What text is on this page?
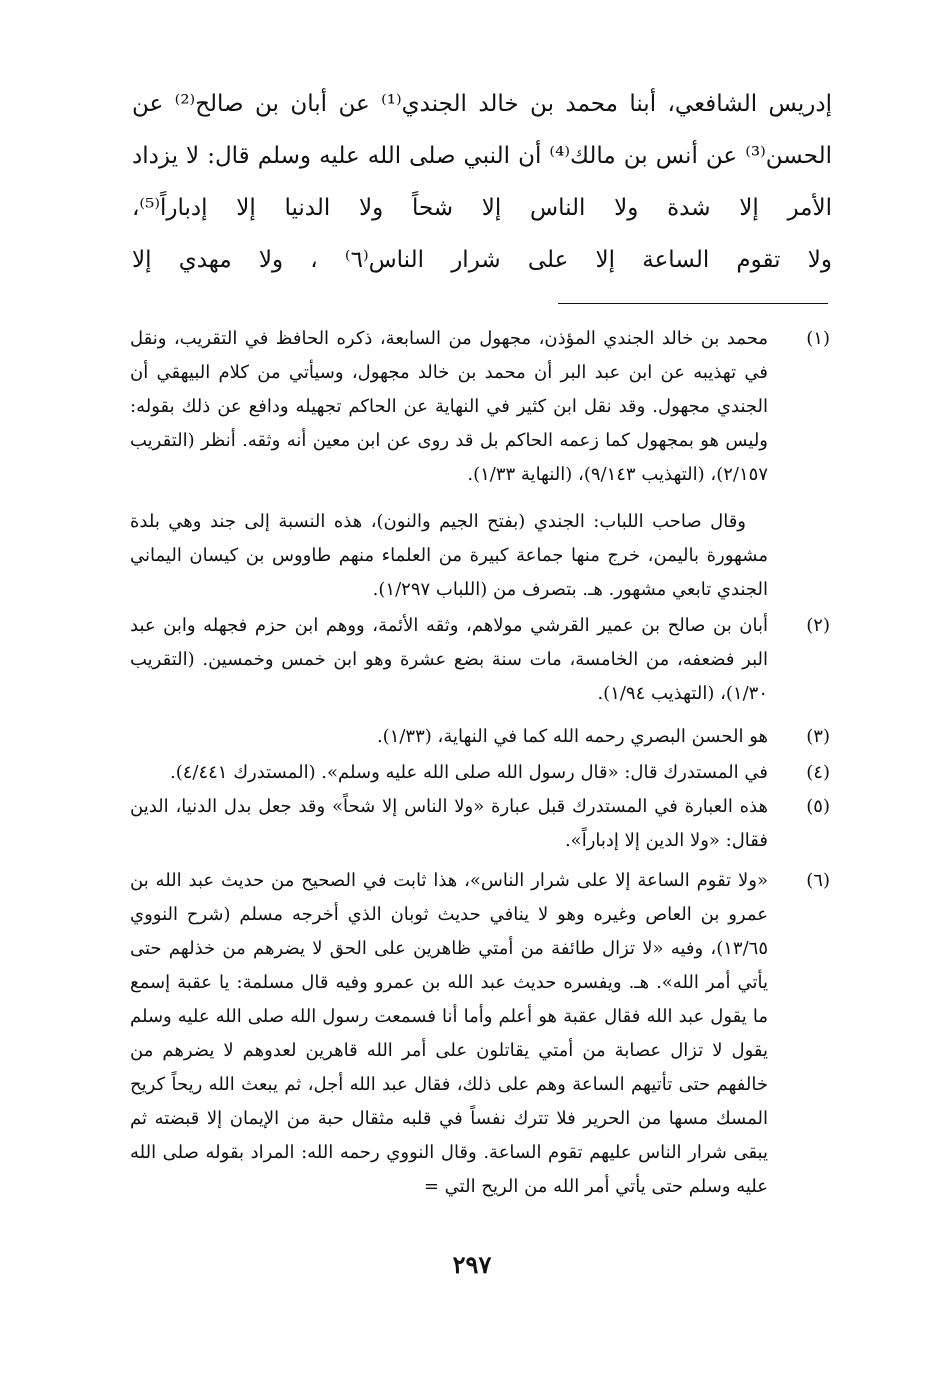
إدريس الشافعي، أبنا محمد بن خالد الجندي⁽¹⁾ عن أبان بن صالح⁽²⁾ عن

الحسن⁽³⁾ عن أنس بن مالك⁽⁴⁾ أن النبي صلى الله عليه وسلم قال: لا يزداد

الأمر إلا شدة ولا الناس إلا شحاً ولا الدنيا إلا إدباراً⁽⁵⁾،

ولا تقوم الساعة إلا على شرار الناس⁽٦⁾ ، ولا مهدي إلا

(١)

محمد بن خالد الجندي المؤذن، مجهول من السابعة، ذكره الحافظ في التقريب، ونقل في تهذيبه عن ابن عبد البر أن محمد بن خالد مجهول، وسيأتي من كلام البيهقي أن الجندي مجهول. وقد نقل ابن كثير في النهاية عن الحاكم تجهيله ودافع عن ذلك بقوله: وليس هو بمجهول كما زعمه الحاكم بل قد روى عن ابن معين أنه وثقه. أنظر (التقريب ٢/١٥٧)، (التهذيب ٩/١٤٣)، (النهاية ١/٣٣).

وقال صاحب اللباب: الجندي (بفتح الجيم والنون)، هذه النسبة إلى جند وهي بلدة مشهورة باليمن، خرج منها جماعة كبيرة من العلماء منهم طاووس بن كيسان اليماني الجندي تابعي مشهور. هـ. بتصرف من (اللباب ١/٢٩٧).

(٢)

أبان بن صالح بن عمير القرشي مولاهم، وثقه الأئمة، ووهم ابن حزم فجهله وابن عبد البر فضعفه، من الخامسة، مات سنة بضع عشرة وهو ابن خمس وخمسين. (التقريب ١/٣٠)، (التهذيب ١/٩٤).

(٣)

هو الحسن البصري رحمه الله كما في النهاية، (١/٣٣).

(٤)

في المستدرك قال: «قال رسول الله صلى الله عليه وسلم». (المستدرك ٤/٤٤١).

(٥)

هذه العبارة في المستدرك قبل عبارة «ولا الناس إلا شحاً» وقد جعل بدل الدنيا، الدين فقال: «ولا الدين إلا إدباراً».

(٦)

«ولا تقوم الساعة إلا على شرار الناس»، هذا ثابت في الصحيح من حديث عبد الله بن عمرو بن العاص وغيره وهو لا ينافي حديث ثوبان الذي أخرجه مسلم (شرح النووي ١٣/٦٥)، وفيه «لا تزال طائفة من أمتي ظاهرين على الحق لا يضرهم من خذلهم حتى يأتي أمر الله». هـ. ويفسره حديث عبد الله بن عمرو وفيه قال مسلمة: يا عقبة إسمع ما يقول عبد الله فقال عقبة هو أعلم وأما أنا فسمعت رسول الله صلى الله عليه وسلم يقول لا تزال عصابة من أمتي يقاتلون على أمر الله قاهرين لعدوهم لا يضرهم من خالفهم حتى تأتيهم الساعة وهم على ذلك، فقال عبد الله أجل، ثم يبعث الله ريحاً كريح المسك مسها من الحرير فلا تترك نفساً في قلبه مثقال حبة من الإيمان إلا قبضته ثم يبقى شرار الناس عليهم تقوم الساعة. وقال النووي رحمه الله: المراد بقوله صلى الله عليه وسلم حتى يأتي أمر الله من الريح التي =

٢٩٧
